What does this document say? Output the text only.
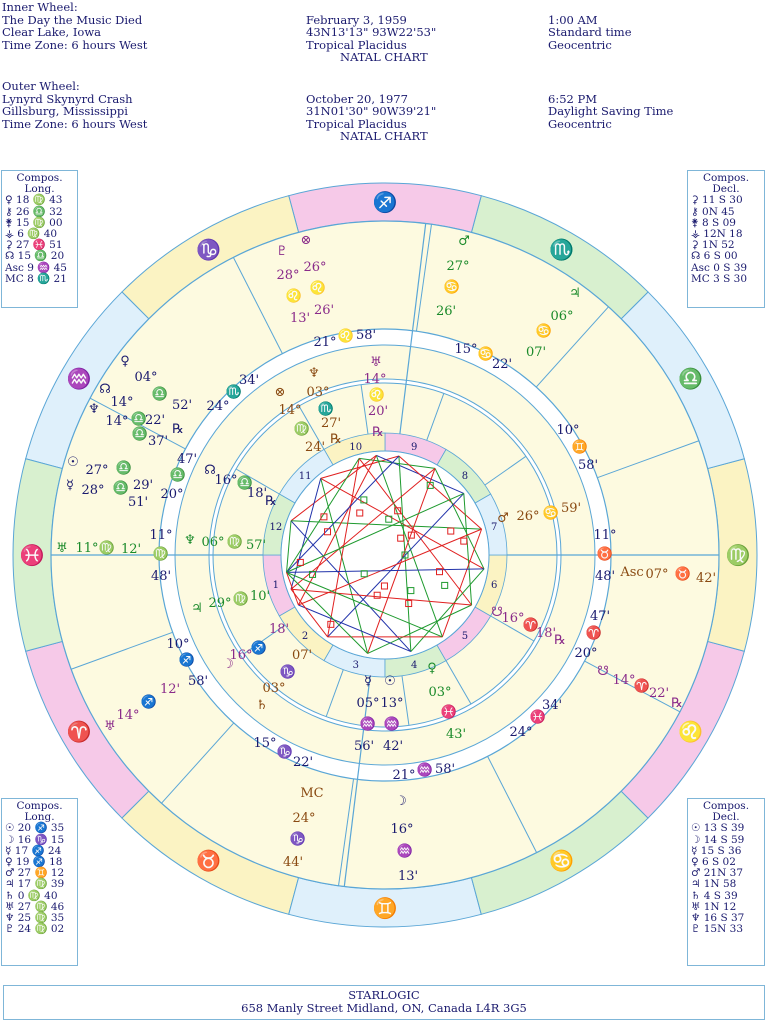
Inner Wheel:
The Day the Music Died
Clear Lake, Iowa
Time Zone: 6 hours West
February 3, 1959
43N13'13" 93W22'53"
Tropical Placidus
NATAL CHART
1:00 AM
Standard time
Geocentric
Outer Wheel:
Lynyrd Skynyrd Crash
Gillsburg, Mississippi
Time Zone: 6 hours West
October 20, 1977
31N01'30" 90W39'21"
Tropical Placidus
NATAL CHART
6:52 PM
Daylight Saving Time
Geocentric
♈
♉
♊
♋
♌
♍
♎
♏
♐
♑
♒
♓
1
2
3	4
5
6
7
8
9
10
11
12
♇
⊗
28°
26°
♌
♌
13'
26'
♂
27°
♋
26'
♃
06°
♋
07'
♀
04°
♎
52'
☊
14°
♎
♆
14° 22'
♎ 37'
℞
☉
27° ♎
29'
☿ 28° ♎
51'
♅ 11° ♍ 12' ♍
48'
11°
34'
♏
24°
47'
♎
20°
21° ♌ 58'
15° ♋
22'
10°
♊
58'
11°
♉
48'
47'
♈
20°
34'
♓
24°
21° ♒ 58'
15°
♑
22'
10°
♐
58'
♅
14°
♌
20'
℞
⊗
14°
♍
24'
♆
03°
♏
27'
℞
☊
16° ♎
18'
℞
♆ 06° ♍ 57'
♃ 29° ♍ 10'
♂ 26° ♋ 59'
Asc 07° ♉ 42'
☋
16°
♈
18'
℞
☋
14°
♈
22'
℞
☽
16°
♐
18'
♑
07'
03°
♄
♅
14°
♐
12'
☿ ☉
05° 13°
♒ ♒
56' 42'
♀
03°
♓
43'
MC
24°
♑
44'
☽
16°
♒
13'
Compos.
Long.
♀ 18 ♍ 43
⚷ 26 ♎ 32
⚵ 15 ♍ 00
⚶ 6 ♍ 40
⚳ 27 ♓ 51
☊ 15 ♎ 20
Asc 9 ♒ 45
MC 8 ♏ 21
Compos.
Decl.
⚳ 11 S 30
⚷ 0N 45
⚵ 8 S 09
⚶ 12N 18
⚳ 1N 52
☊ 6 S 00
Asc 0 S 39
MC 3 S 30
Compos.
Long.
☉ 20 ♐ 35
☽ 16 ♑ 15
☿ 17 ♐ 24
♀ 19 ♐ 18
♂ 27 ♊ 12
♃ 17 ♍ 39
♄ 0 ♍ 40
♅ 27 ♍ 46
♆ 25 ♍ 35
♇ 24 ♍ 02
Compos.
Decl.
☉ 13 S 39
☽ 14 S 59
☿ 15 S 36
♀ 6 S 02
♂ 21N 37
♃ 1N 58
♄ 4 S 39
♅ 1N 12
♆ 16 S 37
♇ 15N 33
STARLOGIC
658 Manly Street Midland, ON, Canada L4R 3G5
